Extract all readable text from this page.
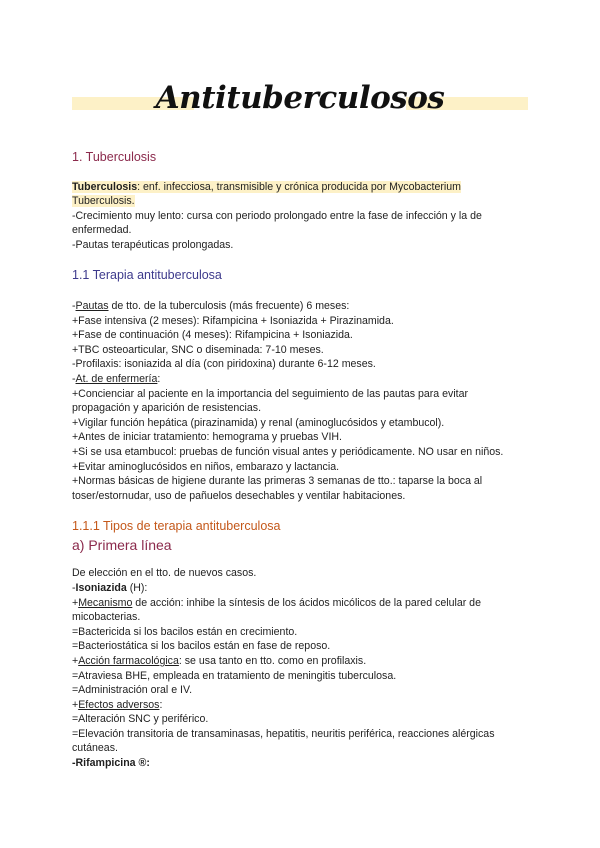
Antituberculosos
1. Tuberculosis
Tuberculosis: enf. infecciosa, transmisible y crónica producida por Mycobacterium
Tuberculosis.
-Crecimiento muy lento: cursa con periodo prolongado entre la fase de infección y la de
enfermedad.
-Pautas terapéuticas prolongadas.
1.1 Terapia antituberculosa
-Pautas de tto. de la tuberculosis (más frecuente) 6 meses:
+Fase intensiva (2 meses): Rifampicina + Isoniazida + Pirazinamida.
+Fase de continuación (4 meses): Rifampicina + Isoniazida.
+TBC osteoarticular, SNC o diseminada: 7-10 meses.
-Profilaxis: isoniazida al día (con piridoxina) durante 6-12 meses.
-At. de enfermería:
+Concienciar al paciente en la importancia del seguimiento de las pautas para evitar
propagación y aparición de resistencias.
+Vigilar función hepática (pirazinamida) y renal (aminoglucósidos y etambucol).
+Antes de iniciar tratamiento: hemograma y pruebas VIH.
+Si se usa etambucol: pruebas de función visual antes y periódicamente. NO usar en niños.
+Evitar aminoglucósidos en niños, embarazo y lactancia.
+Normas básicas de higiene durante las primeras 3 semanas de tto.: taparse la boca al
toser/estornudar, uso de pañuelos desechables y ventilar habitaciones.
1.1.1 Tipos de terapia antituberculosa
a) Primera línea
De elección en el tto. de nuevos casos.
-Isoniazida (H):
+Mecanismo de acción: inhibe la síntesis de los ácidos micólicos de la pared celular de
micobacterias.
=Bactericida si los bacilos están en crecimiento.
=Bacteriostática si los bacilos están en fase de reposo.
+Acción farmacológica: se usa tanto en tto. como en profilaxis.
=Atraviesa BHE, empleada en tratamiento de meningitis tuberculosa.
=Administración oral e IV.
+Efectos adversos:
=Alteración SNC y periférico.
=Elevación transitoria de transaminasas, hepatitis, neuritis periférica, reacciones alérgicas
cutáneas.
-Rifampicina ®:
